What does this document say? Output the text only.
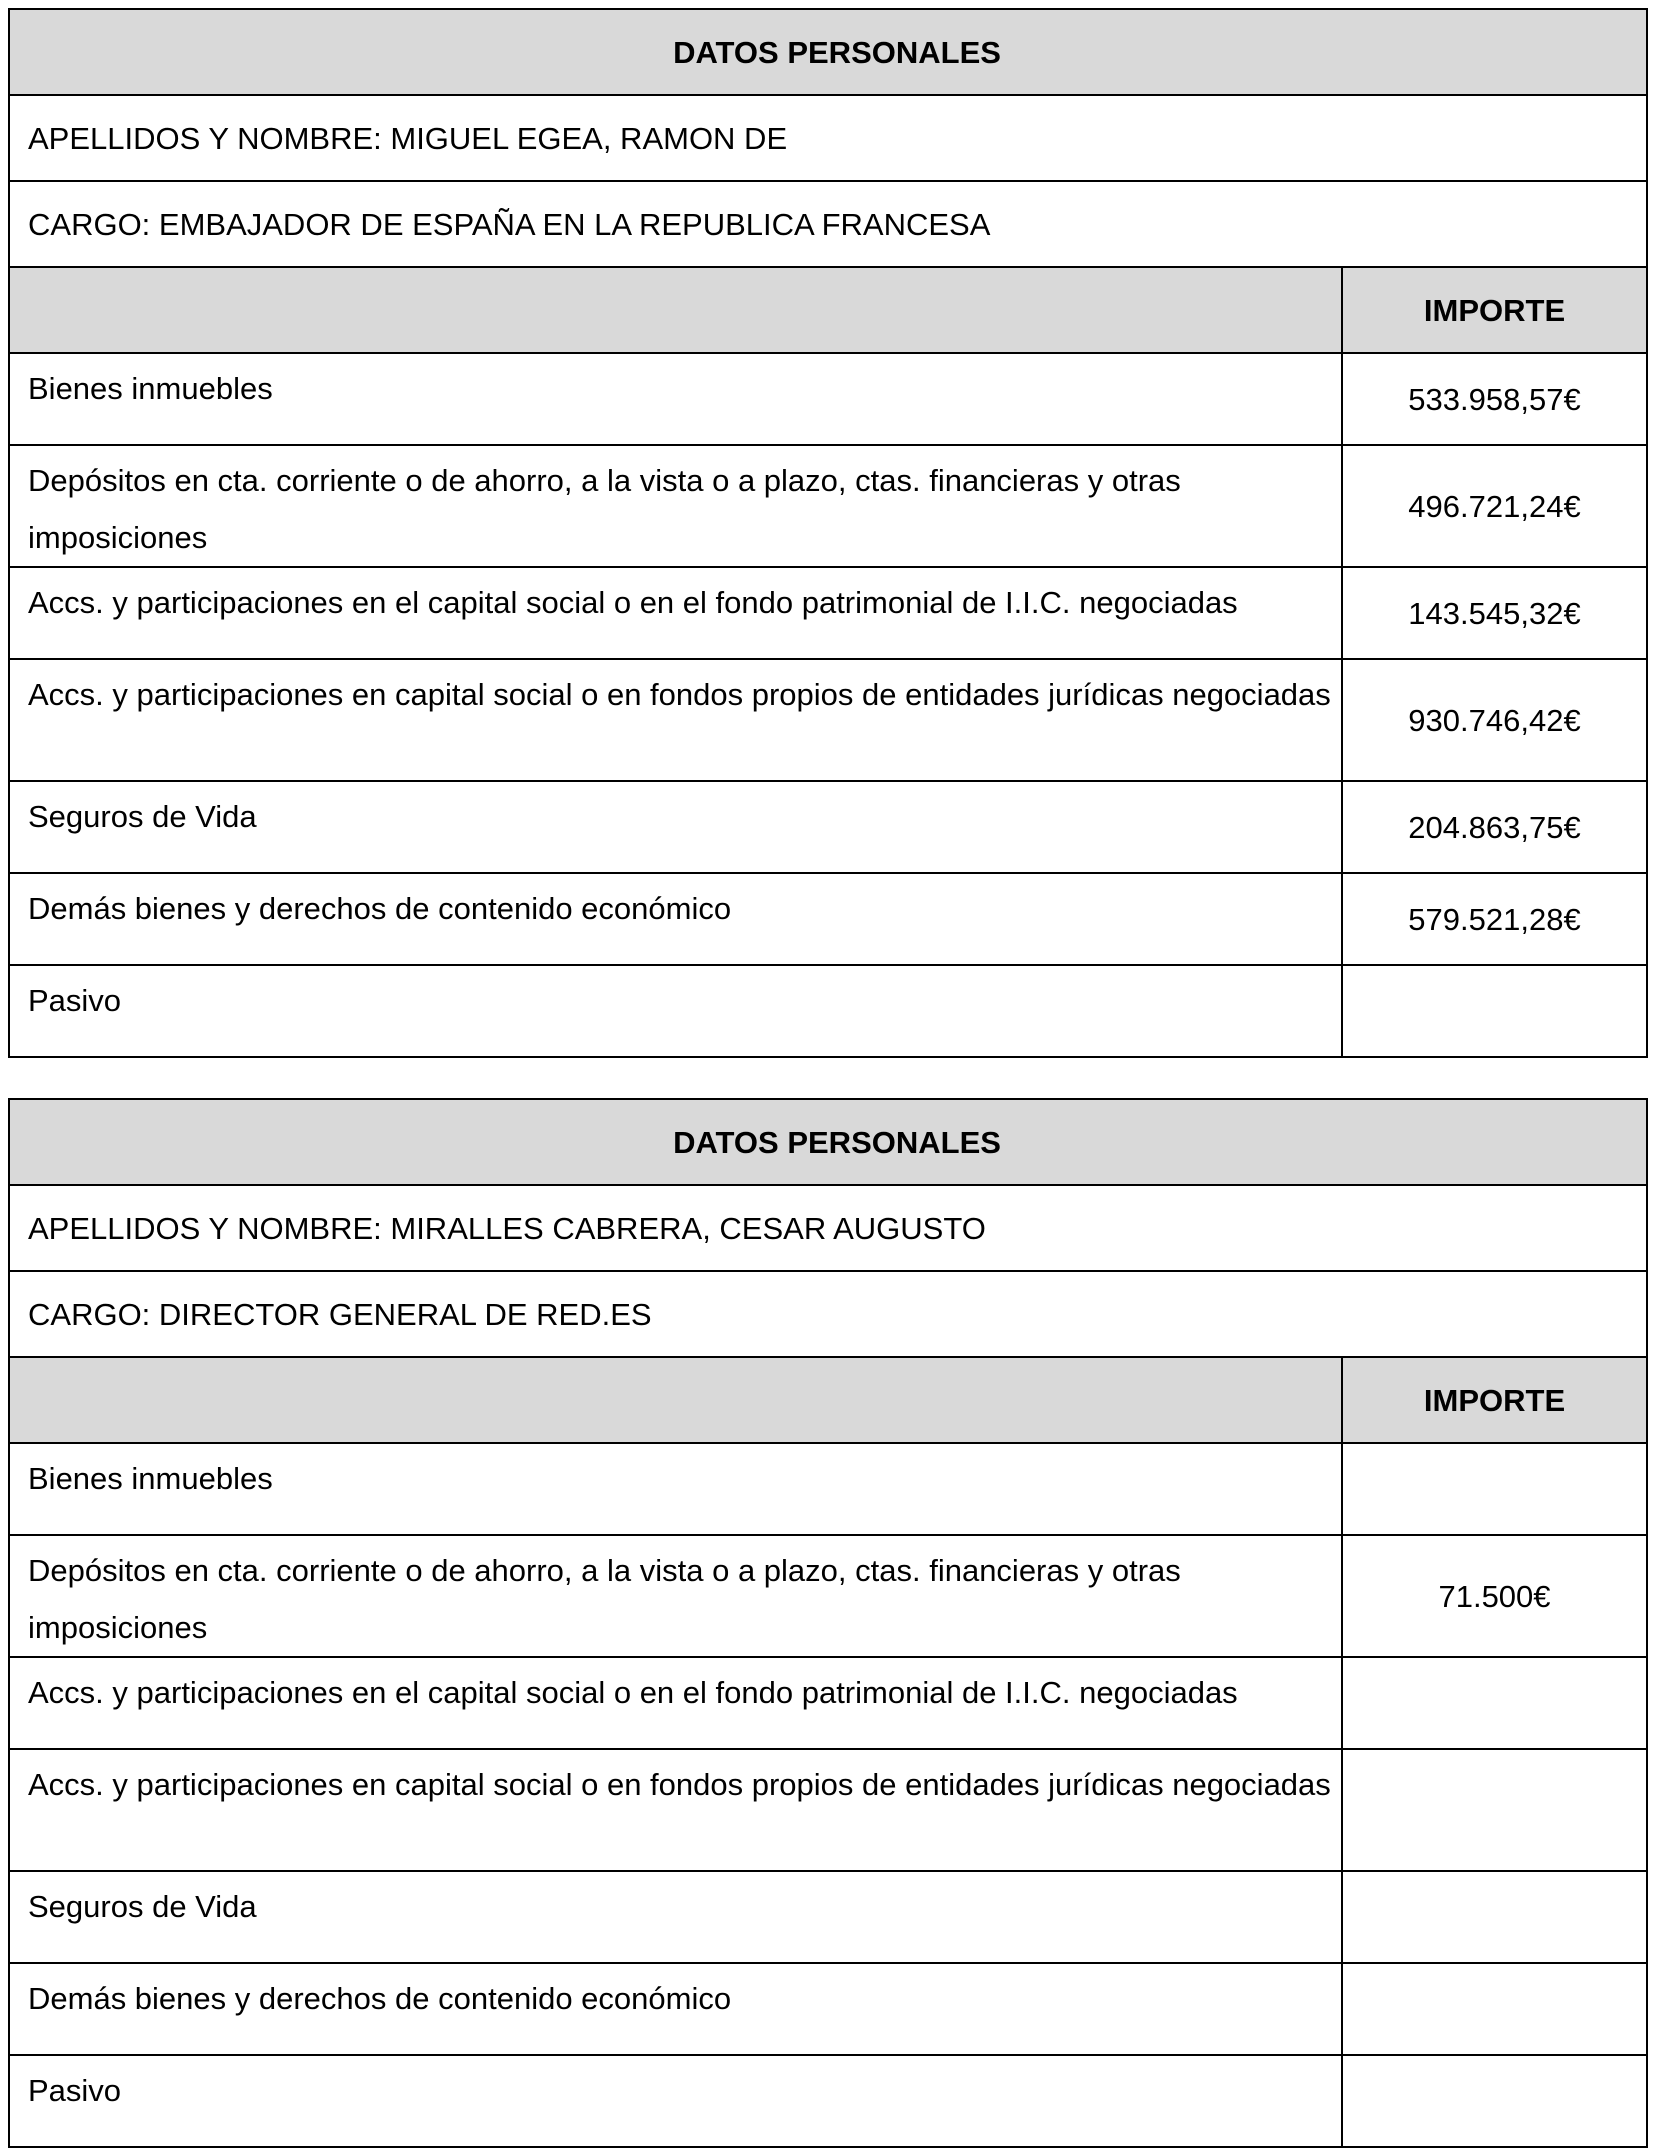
DATOS PERSONALES	
APELLIDOS Y NOMBRE: MIGUEL EGEA, RAMON DE	
CARGO: EMBAJADOR DE ESPAÑA EN LA REPUBLICA FRANCESA	
	IMPORTE
Bienes inmuebles	533.958,57€
Depósitos en cta. corriente o de ahorro, a la vista o a plazo, ctas. financieras y otras imposiciones	496.721,24€
Accs. y participaciones en el capital social o en el fondo patrimonial de I.I.C. negociadas	143.545,32€
Accs. y participaciones en capital social o en fondos propios de entidades jurídicas negociadas	930.746,42€
Seguros de Vida	204.863,75€
Demás bienes y derechos de contenido económico	579.521,28€
Pasivo	
DATOS PERSONALES	
APELLIDOS Y NOMBRE: MIRALLES CABRERA, CESAR AUGUSTO	
CARGO: DIRECTOR GENERAL DE RED.ES	
	IMPORTE
Bienes inmuebles	
Depósitos en cta. corriente o de ahorro, a la vista o a plazo, ctas. financieras y otras imposiciones	71.500€
Accs. y participaciones en el capital social o en el fondo patrimonial de I.I.C. negociadas	
Accs. y participaciones en capital social o en fondos propios de entidades jurídicas negociadas	
Seguros de Vida	
Demás bienes y derechos de contenido económico	
Pasivo	
